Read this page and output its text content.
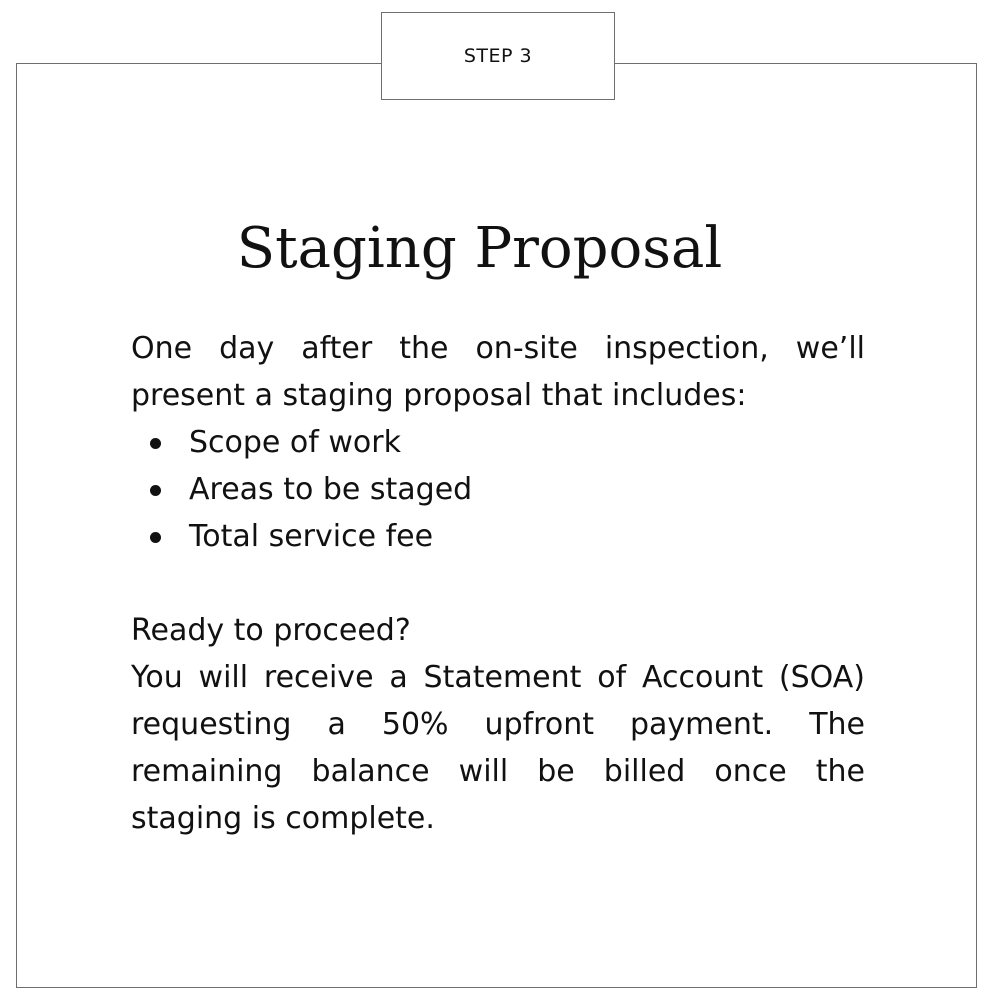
Staging Proposal

One day after the on-site inspection, we’ll present a staging proposal that includes:

Scope of work
Areas to be staged
Total service fee

Ready to proceed?

You will receive a Statement of Account (SOA) requesting a 50% upfront payment. The remaining balance will be billed once the staging is complete.

STEP 3
